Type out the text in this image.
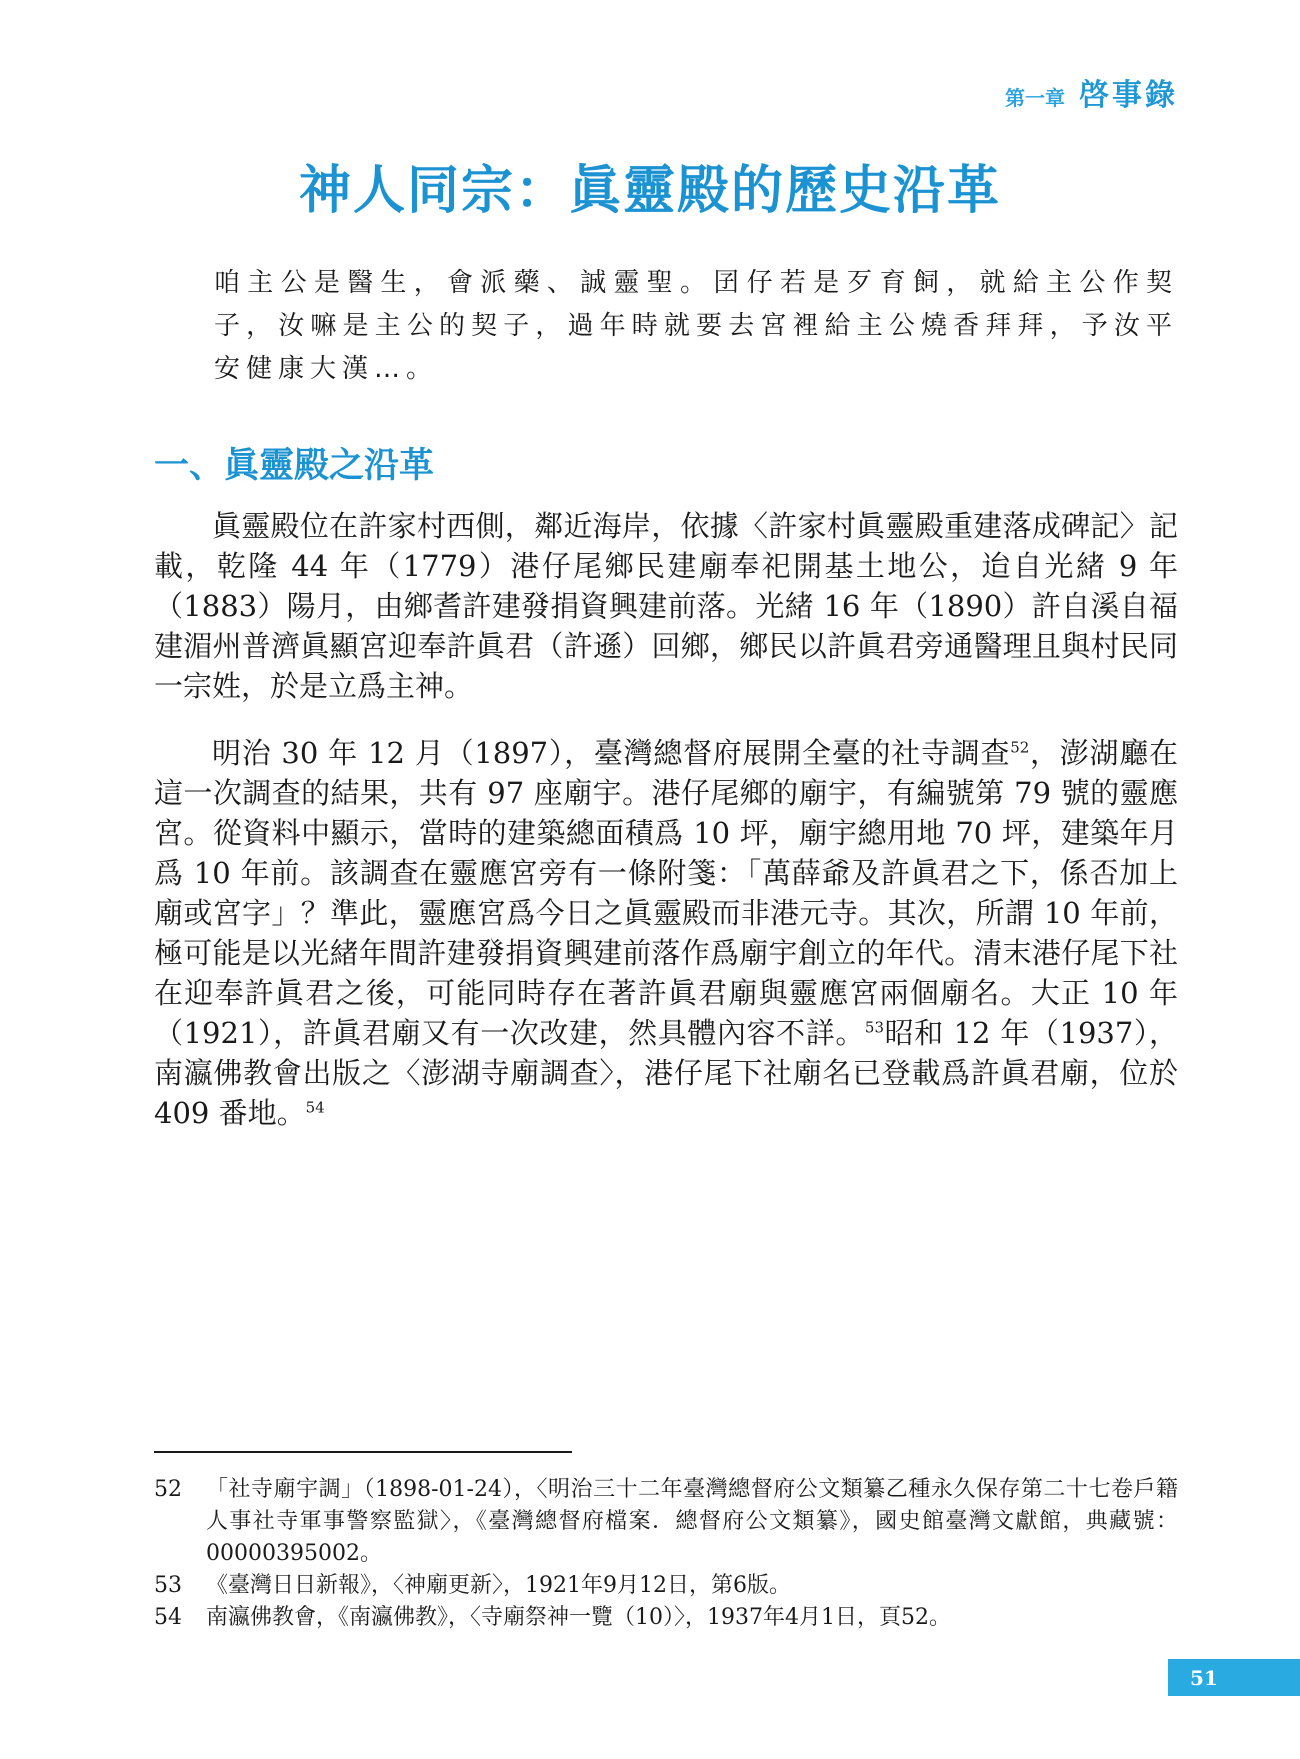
第一章 啓事錄
神人同宗：眞靈殿的歷史沿革
咱主公是醫生，會派藥、誠靈聖。囝仔若是歹育飼，就給主公作契子，汝嘛是主公的契子，過年時就要去宮裡給主公燒香拜拜，予汝平安健康大漢…。
一、眞靈殿之沿革

眞靈殿位在許家村西側，鄰近海岸，依據〈許家村眞靈殿重建落成碑記〉記載，乾隆 44 年（1779）港仔尾鄉民建廟奉祀開基土地公，迨自光緒 9 年（1883）陽月，由鄉耆許建發捐資興建前落。光緒 16 年（1890）許自溪自福建湄州普濟眞顯宮迎奉許眞君（許遜）回鄉，鄉民以許眞君旁通醫理且與村民同一宗姓，於是立爲主神。

明治 30 年 12 月（1897），臺灣總督府展開全臺的社寺調查$^{52}$，澎湖廳在這一次調查的結果，共有 97 座廟宇。港仔尾鄉的廟宇，有編號第 79 號的靈應宮。從資料中顯示，當時的建築總面積爲 10 坪，廟宇總用地 70 坪，建築年月爲 10 年前。該調查在靈應宮旁有一條附箋：「萬薛爺及許眞君之下，係否加上廟或宮字」？準此，靈應宮爲今日之眞靈殿而非港元寺。其次，所謂 10 年前，極可能是以光緒年間許建發捐資興建前落作爲廟宇創立的年代。清末港仔尾下社在迎奉許眞君之後，可能同時存在著許眞君廟與靈應宮兩個廟名。大正 10 年（1921），許眞君廟又有一次改建，然具體內容不詳。$^{53}$昭和 12 年（1937），南瀛佛教會出版之〈澎湖寺廟調查〉，港仔尾下社廟名已登載爲許眞君廟，位於 409 番地。$^{54}$

52	「社寺廟宇調」（1898-01-24），〈明治三十二年臺灣總督府公文類纂乙種永久保存第二十七卷戶籍人事社寺軍事警察監獄〉，《臺灣總督府檔案．總督府公文類纂》，國史館臺灣文獻館，典藏號：00000395002。
53	《臺灣日日新報》，〈神廟更新〉，1921年9月12日，第6版。
54	南瀛佛教會，《南瀛佛教》，〈寺廟祭神一覽（10）〉，1937年4月1日，頁52。
51
